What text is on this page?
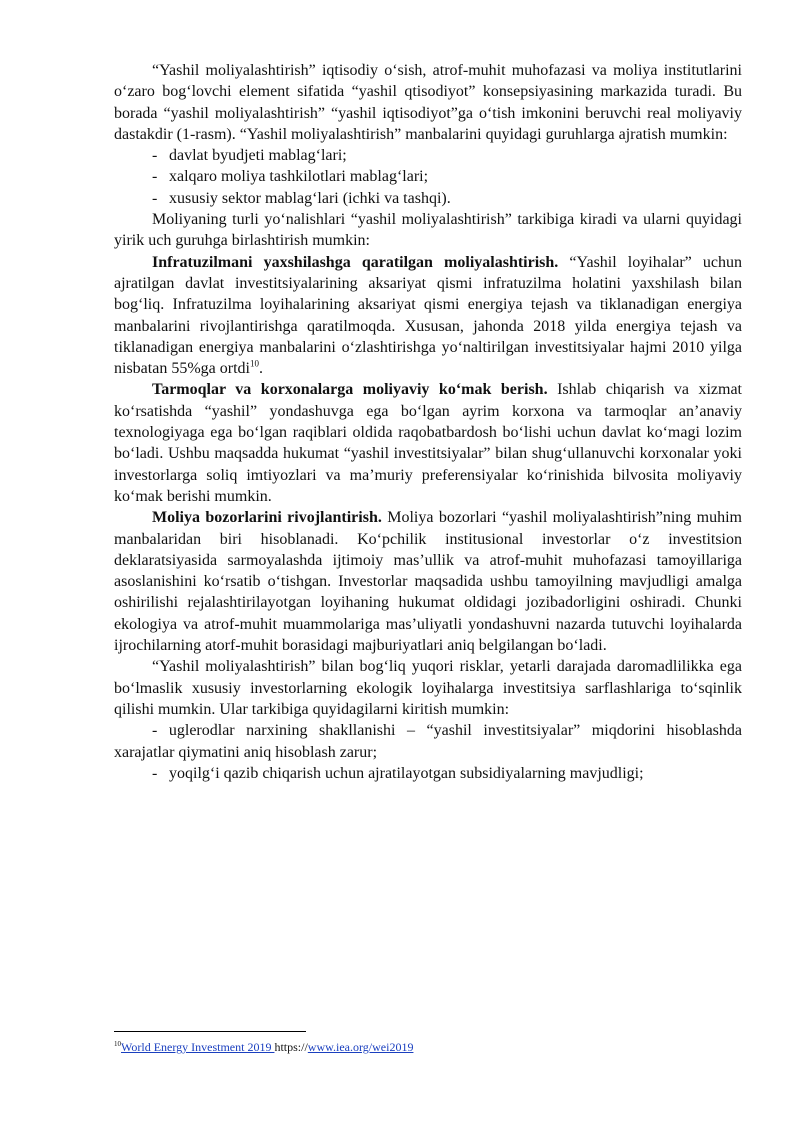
“Yashil moliyalashtirish” iqtisodiy o‘sish, atrof-muhit muhofazasi va moliya institutlarini o‘zaro bog‘lovchi element sifatida “yashil qtisodiyot” konsepsiyasining markazida turadi. Bu borada “yashil moliyalashtirish” “yashil iqtisodiyot”ga o‘tish imkonini beruvchi real moliyaviy dastakdir (1-rasm). “Yashil moliyalashtirish” manbalarini quyidagi guruhlarga ajratish mumkin:

- davlat byudjeti mablag‘lari;

- xalqaro moliya tashkilotlari mablag‘lari;

- xususiy sektor mablag‘lari (ichki va tashqi).

Moliyaning turli yo‘nalishlari “yashil moliyalashtirish” tarkibiga kiradi va ularni quyidagi yirik uch guruhga birlashtirish mumkin:

Infratuzilmani yaxshilashga qaratilgan moliyalashtirish. “Yashil loyihalar” uchun ajratilgan davlat investitsiyalarining aksariyat qismi infratuzilma holatini yaxshilash bilan bog‘liq. Infratuzilma loyihalarining aksariyat qismi energiya tejash va tiklanadigan energiya manbalarini rivojlantirishga qaratilmoqda. Xususan, jahonda 2018 yilda energiya tejash va tiklanadigan energiya manbalarini o‘zlashtirishga yo‘naltirilgan investitsiyalar hajmi 2010 yilga nisbatan 55%ga ortdi$^{10}$.

Tarmoqlar va korxonalarga moliyaviy ko‘mak berish. Ishlab chiqarish va xizmat ko‘rsatishda “yashil” yondashuvga ega bo‘lgan ayrim korxona va tarmoqlar an’anaviy texnologiyaga ega bo‘lgan raqiblari oldida raqobatbardosh bo‘lishi uchun davlat ko‘magi lozim bo‘ladi. Ushbu maqsadda hukumat “yashil investitsiyalar” bilan shug‘ullanuvchi korxonalar yoki investorlarga soliq imtiyozlari va ma’muriy preferensiyalar ko‘rinishida bilvosita moliyaviy ko‘mak berishi mumkin.

Moliya bozorlarini rivojlantirish. Moliya bozorlari “yashil moliyalashtirish”ning muhim manbalaridan biri hisoblanadi. Ko‘pchilik institusional investorlar o‘z investitsion deklaratsiyasida sarmoyalashda ijtimoiy mas’ullik va atrof-muhit muhofazasi tamoyillariga asoslanishini ko‘rsatib o‘tishgan. Investorlar maqsadida ushbu tamoyilning mavjudligi amalga oshirilishi rejalashtirilayotgan loyihaning hukumat oldidagi jozibadorligini oshiradi. Chunki ekologiya va atrof-muhit muammolariga mas’uliyatli yondashuvni nazarda tutuvchi loyihalarda ijrochilarning atorf-muhit borasidagi majburiyatlari aniq belgilangan bo‘ladi.

“Yashil moliyalashtirish” bilan bog‘liq yuqori risklar, yetarli darajada daromadlilikka ega bo‘lmaslik xususiy investorlarning ekologik loyihalarga investitsiya sarflashlariga to‘sqinlik qilishi mumkin. Ular tarkibiga quyidagilarni kiritish mumkin:

- uglerodlar narxining shakllanishi – “yashil investitsiyalar” miqdorini hisoblashda xarajatlar qiymatini aniq hisoblash zarur;

- yoqilg‘i qazib chiqarish uchun ajratilayotgan subsidiyalarning mavjudligi;

$^{10}$World Energy Investment 2019 https://www.iea.org/wei2019
